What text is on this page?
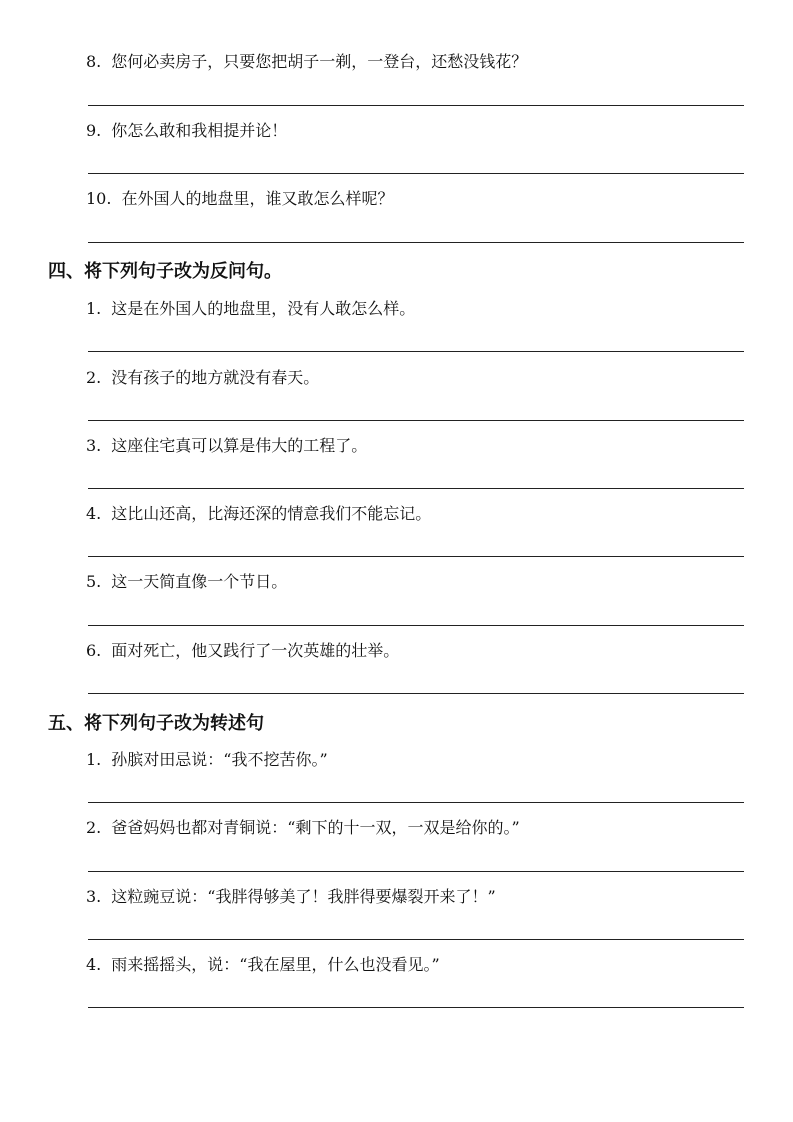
8. 您何必卖房子，只要您把胡子一剃，一登台，还愁没钱花？
9. 你怎么敢和我相提并论！
10. 在外国人的地盘里，谁又敢怎么样呢？
四、将下列句子改为反问句。
1. 这是在外国人的地盘里，没有人敢怎么样。
2. 没有孩子的地方就没有春天。
3. 这座住宅真可以算是伟大的工程了。
4. 这比山还高，比海还深的情意我们不能忘记。
5. 这一天简直像一个节日。
6. 面对死亡，他又践行了一次英雄的壮举。
五、将下列句子改为转述句
1. 孙膑对田忌说：“我不挖苦你。”
2. 爸爸妈妈也都对青铜说：“剩下的十一双，一双是给你的。”
3. 这粒豌豆说：“我胖得够美了！我胖得要爆裂开来了！”
4. 雨来摇摇头，说：“我在屋里，什么也没看见。”
